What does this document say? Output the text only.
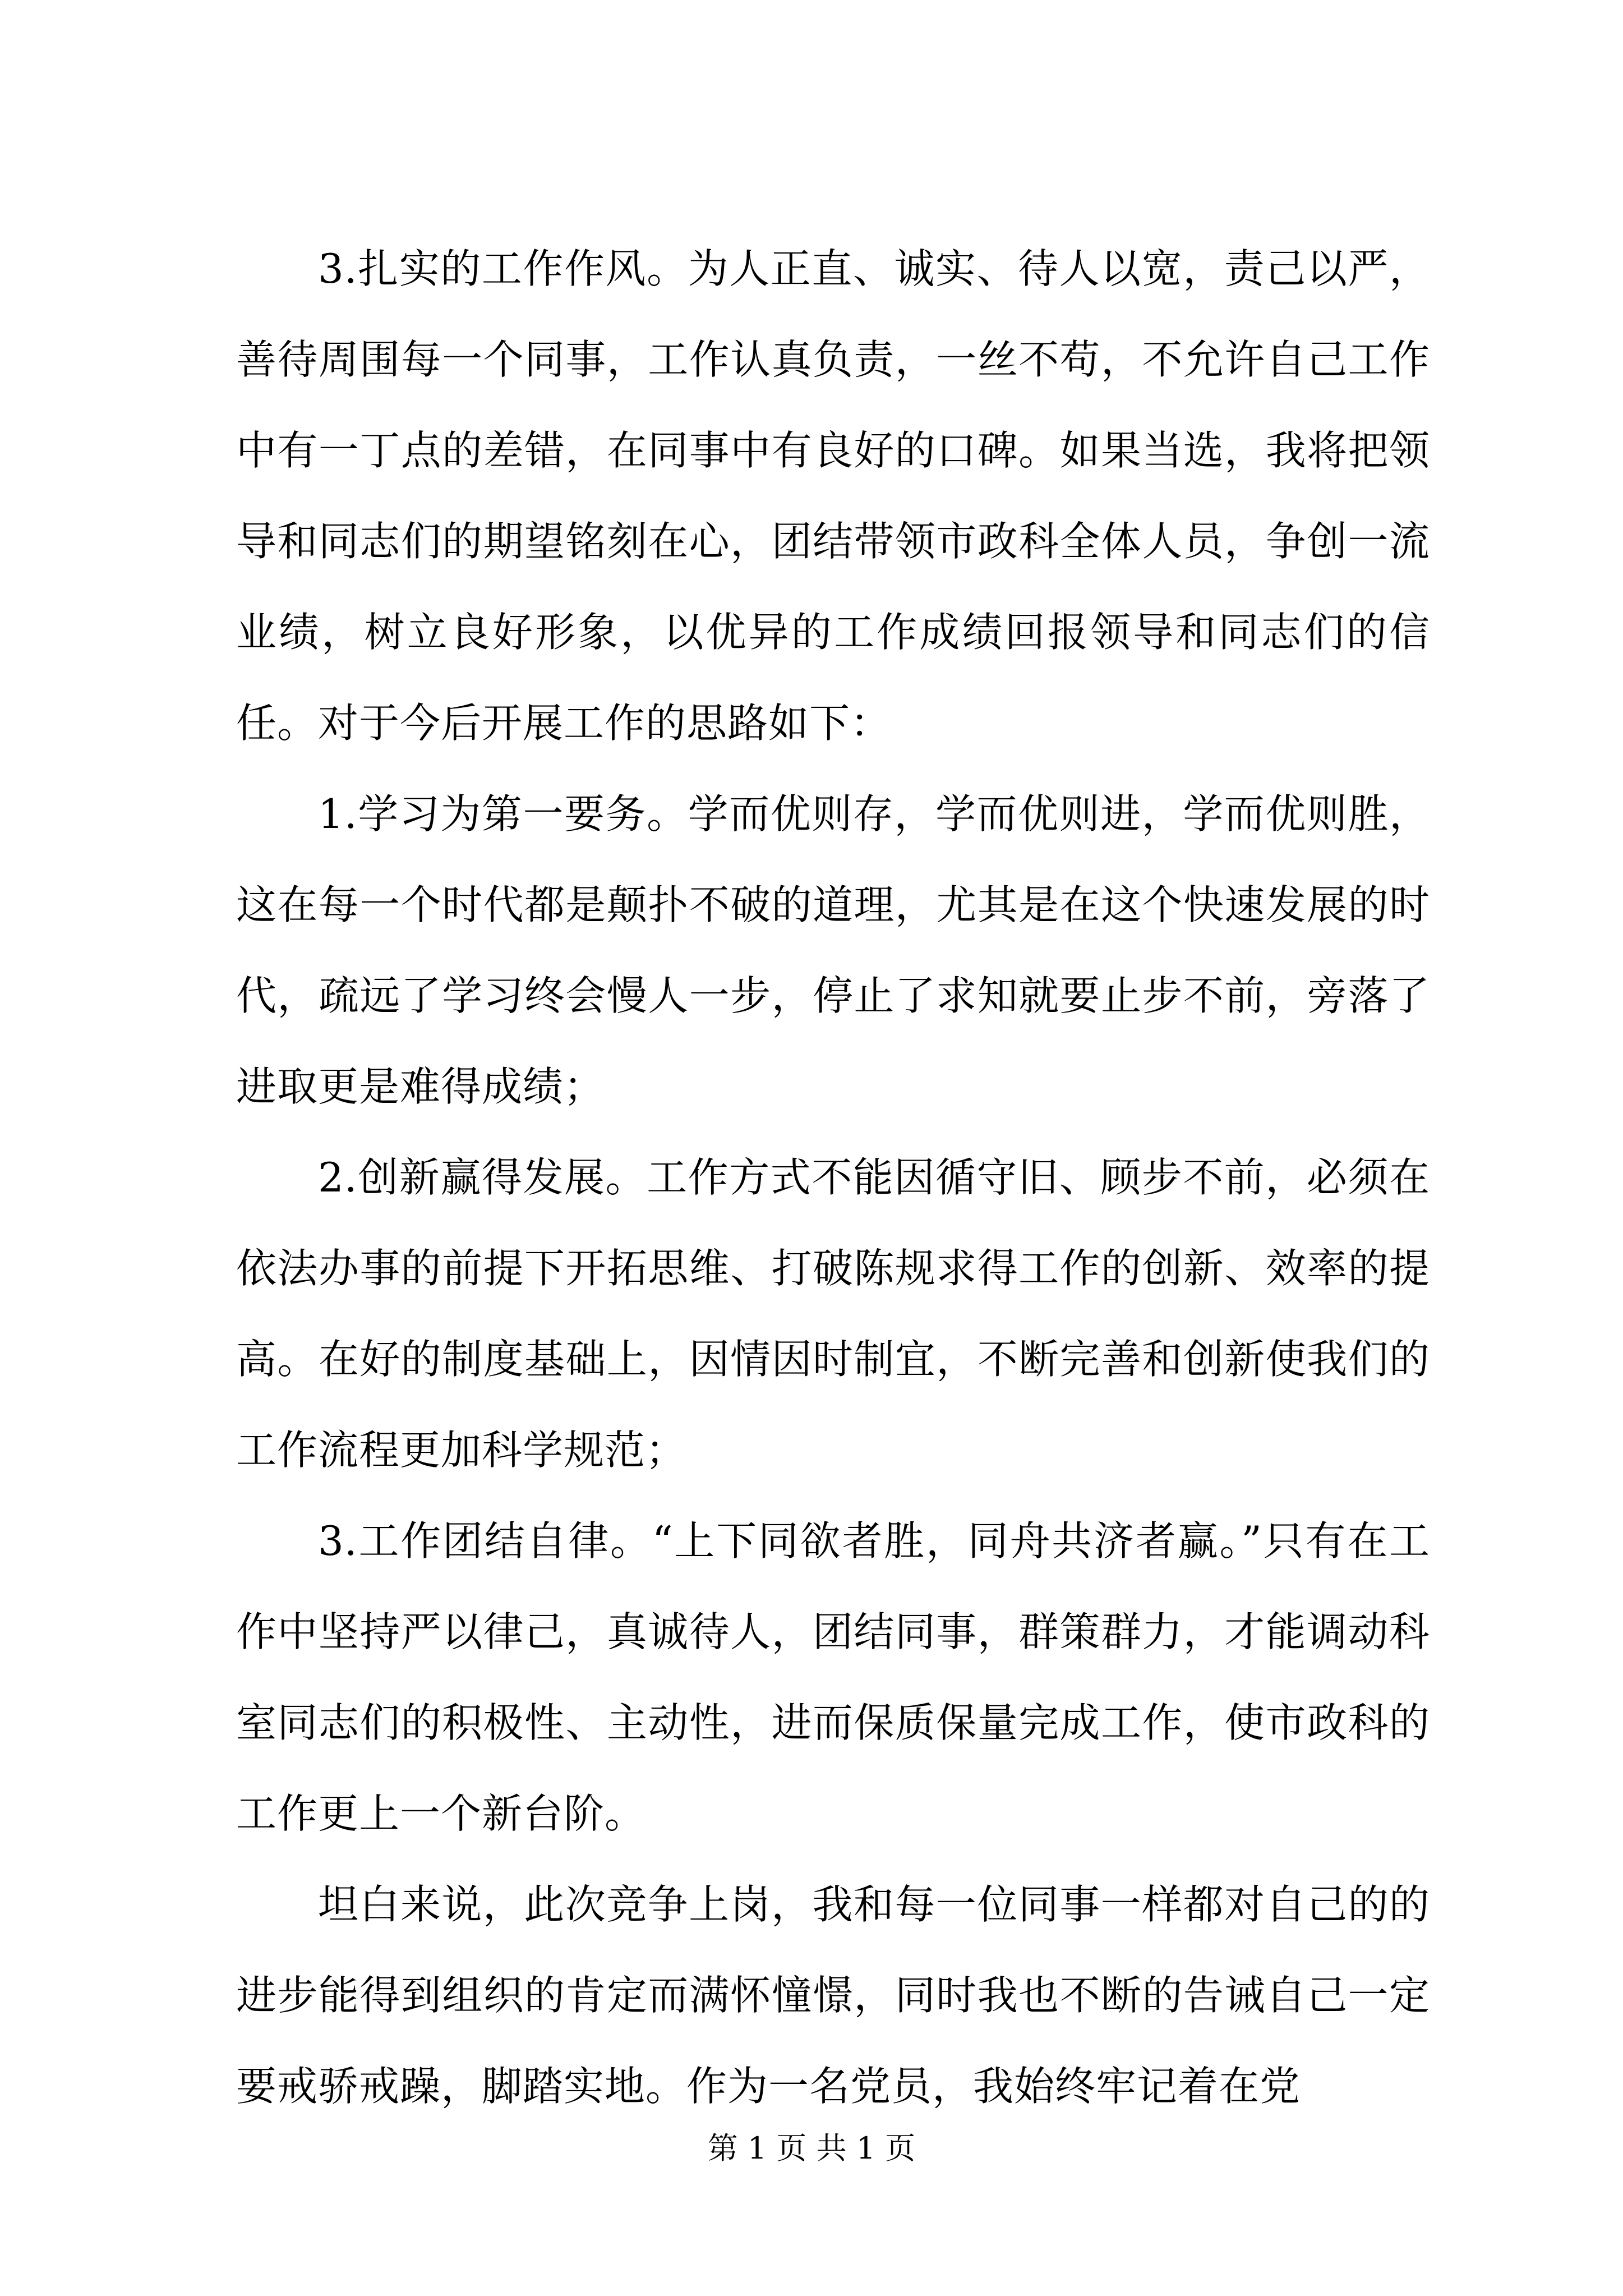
3.扎实的工作作风。为人正直、诚实、待人以宽，责己以严，善待周围每一个同事，工作认真负责，一丝不苟，不允许自己工作中有一丁点的差错，在同事中有良好的口碑。如果当选，我将把领导和同志们的期望铭刻在心，团结带领市政科全体人员，争创一流业绩，树立良好形象，以优异的工作成绩回报领导和同志们的信任。对于今后开展工作的思路如下：

1.学习为第一要务。学而优则存，学而优则进，学而优则胜，这在每一个时代都是颠扑不破的道理，尤其是在这个快速发展的时代，疏远了学习终会慢人一步，停止了求知就要止步不前，旁落了进取更是难得成绩；

2.创新赢得发展。工作方式不能因循守旧、顾步不前，必须在依法办事的前提下开拓思维、打破陈规求得工作的创新、效率的提高。在好的制度基础上，因情因时制宜，不断完善和创新使我们的工作流程更加科学规范；

3.工作团结自律。“上下同欲者胜，同舟共济者赢。”只有在工作中坚持严以律己，真诚待人，团结同事，群策群力，才能调动科室同志们的积极性、主动性，进而保质保量完成工作，使市政科的工作更上一个新台阶。

坦白来说，此次竞争上岗，我和每一位同事一样都对自己的的进步能得到组织的肯定而满怀憧憬，同时我也不断的告诫自己一定要戒骄戒躁，脚踏实地。作为一名党员，我始终牢记着在党

第 1 页 共 1 页
